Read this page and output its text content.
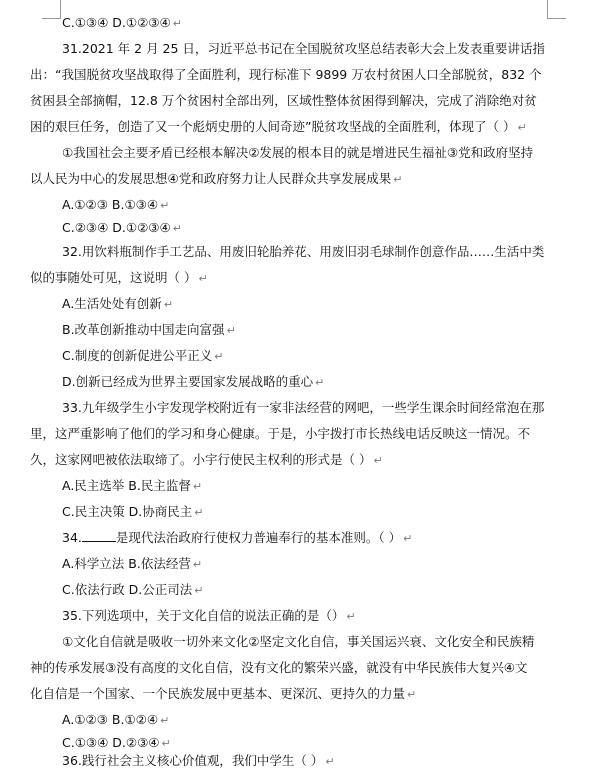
C.①③④ D.①②③④ ↵
31.2021 年 2 月 25 日，习近平总书记在全国脱贫攻坚总结表彰大会上发表重要讲话指
出：“我国脱贫攻坚战取得了全面胜利，现行标准下 9899 万农村贫困人口全部脱贫，832 个
贫困县全部摘帽，12.8 万个贫困村全部出列，区域性整体贫困得到解决，完成了消除绝对贫
困的艰巨任务，创造了又一个彪炳史册的人间奇迹”脱贫攻坚战的全面胜利，体现了（ ） ↵
①我国社会主要矛盾已经根本解决②发展的根本目的就是增进民生福祉③党和政府坚持
以人民为中心的发展思想④党和政府努力让人民群众共享发展成果 ↵
A.①②③ B.①③④ ↵
C.②③④ D.①②③④ ↵
32.用饮料瓶制作手工艺品、用废旧轮胎养花、用废旧羽毛球制作创意作品……生活中类
似的事随处可见，这说明（ ） ↵
A.生活处处有创新 ↵
B.改革创新推动中国走向富强 ↵
C.制度的创新促进公平正义 ↵
D.创新已经成为世界主要国家发展战略的重心 ↵
33.九年级学生小宇发现学校附近有一家非法经营的网吧，一些学生课余时间经常泡在那
里，这严重影响了他们的学习和身心健康。于是，小宇拨打市长热线电话反映这一情况。不
久，这家网吧被依法取缔了。小宇行使民主权利的形式是（ ） ↵
A.民主选举 B.民主监督 ↵
C.民主决策 D.协商民主 ↵
34.	是现代法治政府行使权力普遍奉行的基本准则。（ ） ↵
A.科学立法 B.依法经营 ↵
C.依法行政 D.公正司法 ↵
35.下列选项中，关于文化自信的说法正确的是（） ↵
①文化自信就是吸收一切外来文化②坚定文化自信，事关国运兴衰、文化安全和民族精
神的传承发展③没有高度的文化自信，没有文化的繁荣兴盛，就没有中华民族伟大复兴④文
化自信是一个国家、一个民族发展中更基本、更深沉、更持久的力量 ↵
A.①②③ B.①②④ ↵
C.①③④ D.②③④ ↵
36.践行社会主义核心价值观，我们中学生（ ） ↵
